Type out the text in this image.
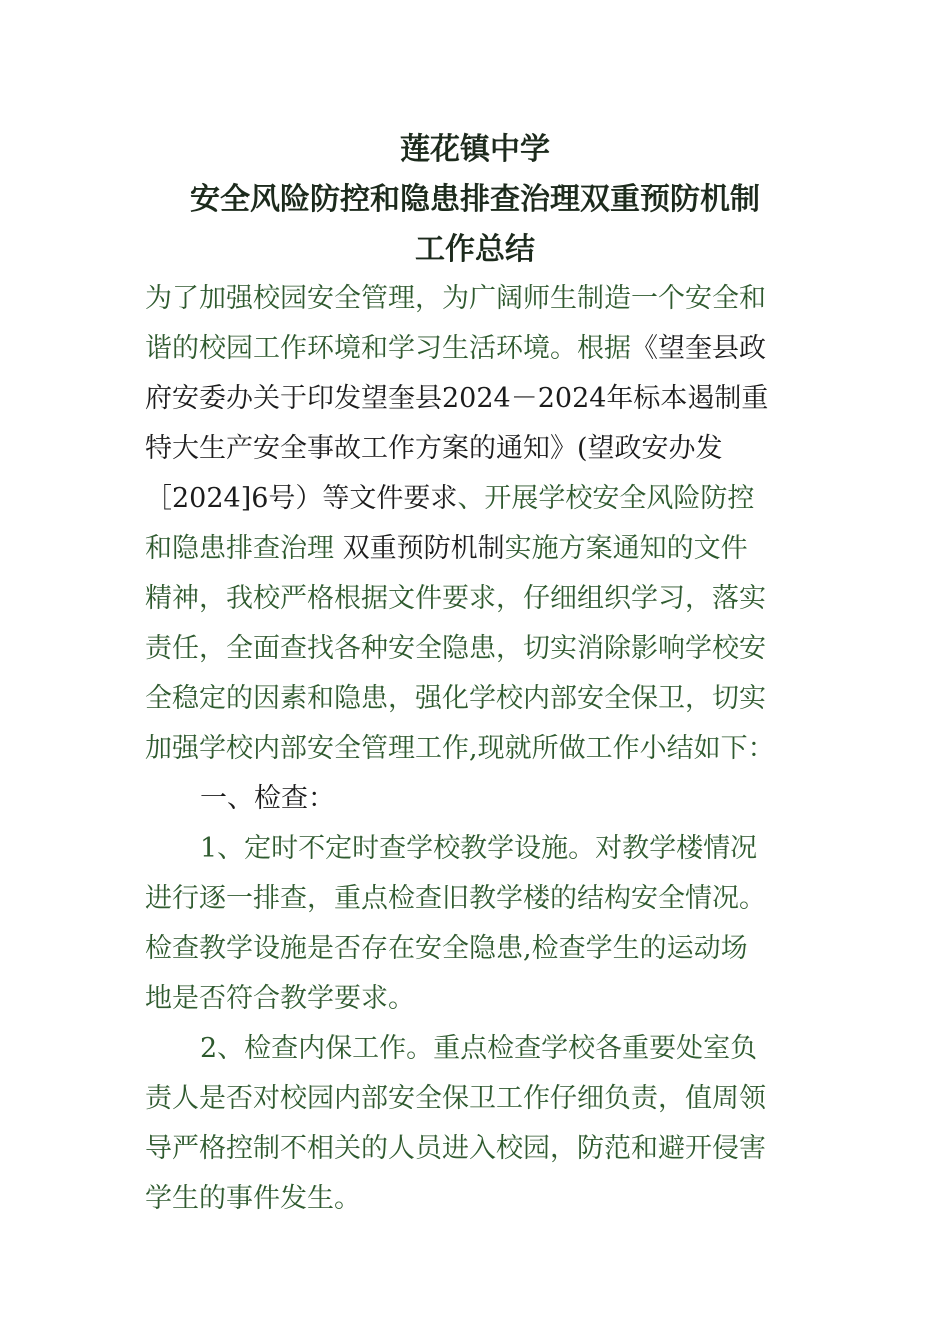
莲花镇中学
安全风险防控和隐患排查治理双重预防机制
工作总结
为了加强校园安全管理，为广阔师生制造一个安全和
谐的校园工作环境和学习生活环境。根据《望奎县政
府安委办关于印发望奎县2024－2024年标本遏制重
特大生产安全事故工作方案的通知》(望政安办发
［2024]6号）等文件要求、开展学校安全风险防控
和隐患排查治理 双重预防机制实施方案通知的文件
精神，我校严格根据文件要求，仔细组织学习，落实
责任，全面查找各种安全隐患，切实消除影响学校安
全稳定的因素和隐患，强化学校内部安全保卫，切实
加强学校内部安全管理工作,现就所做工作小结如下：
一、检查：
1、定时不定时查学校教学设施。对教学楼情况
进行逐一排查，重点检查旧教学楼的结构安全情况。
检查教学设施是否存在安全隐患,检查学生的运动场
地是否符合教学要求。
2、检查内保工作。重点检查学校各重要处室负
责人是否对校园内部安全保卫工作仔细负责，值周领
导严格控制不相关的人员进入校园，防范和避开侵害
学生的事件发生。
